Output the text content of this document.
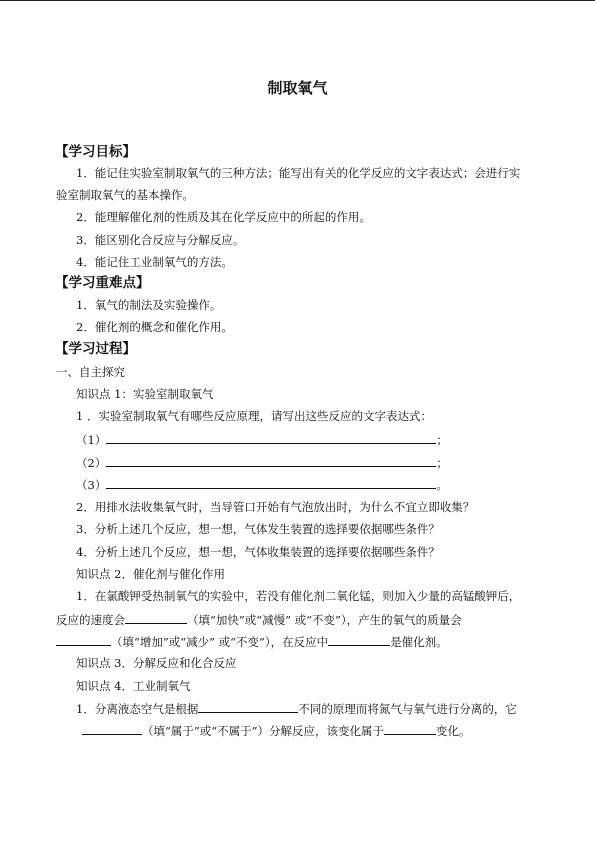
制取氧气
【学习目标】
1．能记住实验室制取氧气的三种方法；能写出有关的化学反应的文字表达式；会进行实
验室制取氧气的基本操作。
2．能理解催化剂的性质及其在化学反应中的所起的作用。
3．能区别化合反应与分解反应。
4．能记住工业制氧气的方法。
【学习重难点】
1．氧气的制法及实验操作。
2．催化剂的概念和催化作用。
【学习过程】
一、自主探究
知识点 1：实验室制取氧气
1 ．实验室制取氧气有哪些反应原理，请写出这些反应的文字表达式：
（1）	；
（2）	；
（3）	。
2．用排水法收集氧气时，当导管口开始有气泡放出时，为什么不宜立即收集？
3．分析上述几个反应，想一想，气体发生装置的选择要依据哪些条件？
4．分析上述几个反应，想一想，气体收集装置的选择要依据哪些条件？
知识点 2．催化剂与催化作用
1．在氯酸钾受热制氧气的实验中，若没有催化剂二氧化锰，则加入少量的高锰酸钾后，
反应的速度会	（填“加快”或“减慢” 或“不变”），产生的氧气的质量会
（填“增加”或“减少” 或“不变”），在反应中	是催化剂。
知识点 3．分解反应和化合反应
知识点 4．工业制氧气
1．分离液态空气是根据	不同的原理而将氮气与氧气进行分离的，它
（填“属于”或“不属于”）分解反应，该变化属于	变化。
